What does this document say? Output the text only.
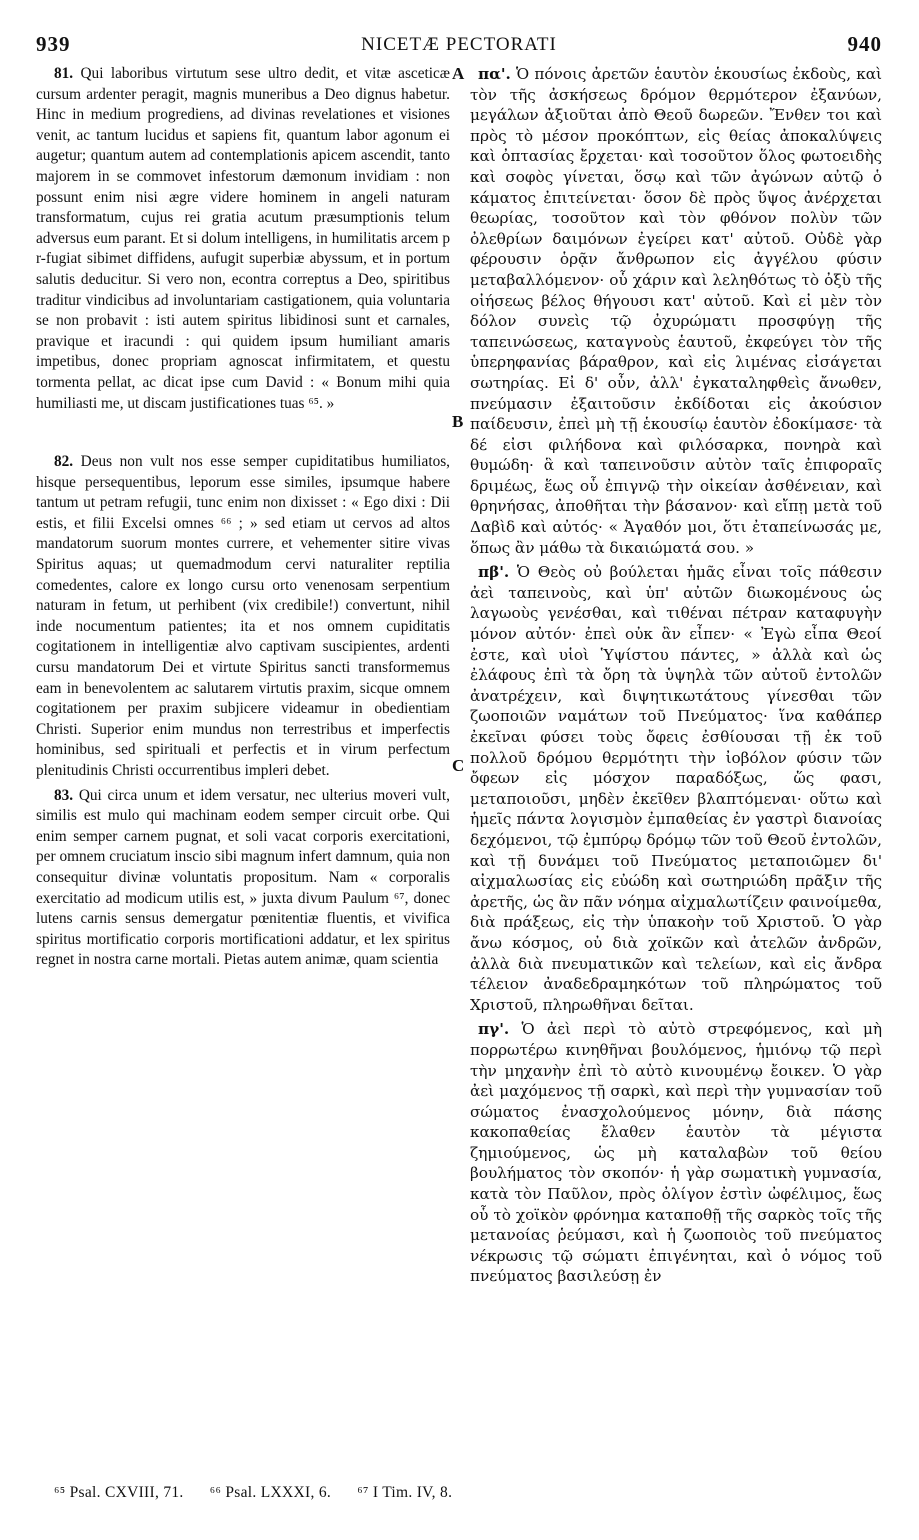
939	NICETÆ PECTORATI	940

81. Qui laboribus virtutum sese ultro dedit, et vitæ asceticæ cursum ardenter peragit, magnis muneribus a Deo dignus habetur. Hinc in medium progrediens, ad divinas revelationes et visiones venit, ac tantum lucidus et sapiens fit, quantum labor agonum ei augetur; quantum autem ad contemplationis apicem ascendit, tanto majorem in se commovet infestorum dæmonum invidiam : non possunt enim nisi ægre videre hominem in angeli naturam transformatum, cujus rei gratia acutum præsumptionis telum adversus eum parant. Et si dolum intelligens, in humilitatis arcem p r-fugiat sibimet diffidens, aufugit superbiæ abyssum, et in portum salutis deducitur. Si vero non, econtra correptus a Deo, spiritibus traditur vindicibus ad involuntariam castigationem, quia voluntaria se non probavit : isti autem spiritus libidinosi sunt et carnales, pravique et iracundi : qui quidem ipsum humiliant amaris impetibus, donec propriam agnoscat infirmitatem, et questu tormenta pellat, ac dicat ipse cum David : « Bonum mihi quia humiliasti me, ut discam justificationes tuas ⁶⁵. »

82. Deus non vult nos esse semper cupiditatibus humiliatos, hisque persequentibus, leporum esse similes, ipsumque habere tantum ut petram refugii, tunc enim non dixisset : « Ego dixi : Dii estis, et filii Excelsi omnes ⁶⁶ ; » sed etiam ut cervos ad altos mandatorum suorum montes currere, et vehementer sitire vivas Spiritus aquas; ut quemadmodum cervi naturaliter reptilia comedentes, calore ex longo cursu orto venenosam serpentium naturam in fetum, ut perhibent (vix credibile!) convertunt, nihil inde nocumentum patientes; ita et nos omnem cupiditatis cogitationem in intelligentiæ alvo captivam suscipientes, ardenti cursu mandatorum Dei et virtute Spiritus sancti transformemus eam in benevolentem ac salutarem virtutis praxim, sicque omnem cogitationem per praxim subjicere videamur in obedientiam Christi. Superior enim mundus non terrestribus et imperfectis hominibus, sed spirituali et perfectis et in virum perfectum plenitudinis Christi occurrentibus impleri debet.

83. Qui circa unum et idem versatur, nec ulterius moveri vult, similis est mulo qui machinam eodem semper circuit orbe. Qui enim semper carnem pugnat, et soli vacat corporis exercitationi, per omnem cruciatum inscio sibi magnum infert damnum, quia non consequitur divinæ voluntatis propositum. Nam « corporalis exercitatio ad modicum utilis est, » juxta divum Paulum ⁶⁷, donec lutens carnis sensus demergatur pœnitentiæ fluentis, et vivifica spiritus mortificatio corporis mortificationi addatur, et lex spiritus regnet in nostra carne mortali. Pietas autem animæ, quam scientia

A
B
C

πα'. Ὁ πόνοις ἀρετῶν ἑαυτὸν ἑκουσίως ἐκδοὺς, καὶ τὸν τῆς ἀσκήσεως δρόμον θερμότερον ἐξανύων, μεγάλων ἀξιοῦται ἀπὸ Θεοῦ δωρεῶν. Ἔνθεν τοι καὶ πρὸς τὸ μέσον προκόπτων, εἰς θείας ἀποκαλύψεις καὶ ὀπτασίας ἔρχεται· καὶ τοσοῦτον ὅλος φωτοειδὴς καὶ σοφὸς γίνεται, ὅσῳ καὶ τῶν ἀγώνων αὐτῷ ὁ κάματος ἐπιτείνεται· ὅσον δὲ πρὸς ὕψος ἀνέρχεται θεωρίας, τοσοῦτον καὶ τὸν φθόνον πολὺν τῶν ὀλεθρίων δαιμόνων ἐγείρει κατ' αὐτοῦ. Οὐδὲ γὰρ φέρουσιν ὁρᾷν ἄνθρωπον εἰς ἀγγέλου φύσιν μεταβαλλόμενον· οὗ χάριν καὶ λεληθότως τὸ ὀξὺ τῆς οἰήσεως βέλος θήγουσι κατ' αὐτοῦ. Καὶ εἰ μὲν τὸν δόλον συνεὶς τῷ ὀχυρώματι προσφύγῃ τῆς ταπεινώσεως, καταγνοὺς ἑαυτοῦ, ἐκφεύγει τὸν τῆς ὑπερηφανίας βάραθρον, καὶ εἰς λιμένας εἰσάγεται σωτηρίας. Εἰ δ' οὖν, ἀλλ' ἐγκαταληφθεὶς ἄνωθεν, πνεύμασιν ἐξαιτοῦσιν ἐκδίδοται εἰς ἀκούσιον παίδευσιν, ἐπεὶ μὴ τῇ ἑκουσίῳ ἑαυτὸν ἐδοκίμασε· τὰ δέ εἰσι φιλήδονα καὶ φιλόσαρκα, πονηρὰ καὶ θυμώδη· ἃ καὶ ταπεινοῦσιν αὐτὸν ταῖς ἐπιφοραῖς δριμέως, ἕως οὗ ἐπιγνῷ τὴν οἰκείαν ἀσθένειαν, καὶ θρηνήσας, ἀποθῆται τὴν βάσανον· καὶ εἴπῃ μετὰ τοῦ Δαβὶδ καὶ αὐτός· « Ἀγαθόν μοι, ὅτι ἐταπείνωσάς με, ὅπως ἂν μάθω τὰ δικαιώματά σου. »

πβ'. Ὁ Θεὸς οὐ βούλεται ἡμᾶς εἶναι τοῖς πάθεσιν ἀεὶ ταπεινοὺς, καὶ ὑπ' αὐτῶν διωκομένους ὡς λαγωοὺς γενέσθαι, καὶ τιθέναι πέτραν καταφυγὴν μόνον αὐτόν· ἐπεὶ οὐκ ἂν εἶπεν· « Ἐγὼ εἶπα Θεοί ἐστε, καὶ υἱοὶ Ὑψίστου πάντες, » ἀλλὰ καὶ ὡς ἐλάφους ἐπὶ τὰ ὄρη τὰ ὑψηλὰ τῶν αὐτοῦ ἐντολῶν ἀνατρέχειν, καὶ διψητικωτάτους γίνεσθαι τῶν ζωοποιῶν ναμάτων τοῦ Πνεύματος· ἵνα καθάπερ ἐκεῖναι φύσει τοὺς ὄφεις ἐσθίουσαι τῇ ἐκ τοῦ πολλοῦ δρόμου θερμότητι τὴν ἰοβόλον φύσιν τῶν ὄφεων εἰς μόσχον παραδόξως, ὥς φασι, μεταποιοῦσι, μηδὲν ἐκεῖθεν βλαπτόμεναι· οὕτω καὶ ἡμεῖς πάντα λογισμὸν ἐμπαθείας ἐν γαστρὶ διανοίας δεχόμενοι, τῷ ἐμπύρῳ δρόμῳ τῶν τοῦ Θεοῦ ἐντολῶν, καὶ τῇ δυνάμει τοῦ Πνεύματος μεταποιῶμεν δι' αἰχμαλωσίας εἰς εὐώδη καὶ σωτηριώδη πρᾶξιν τῆς ἀρετῆς, ὡς ἂν πᾶν νόημα αἰχμαλωτίζειν φαινοίμεθα, διὰ πράξεως, εἰς τὴν ὑπακοὴν τοῦ Χριστοῦ. Ὁ γὰρ ἄνω κόσμος, οὐ διὰ χοϊκῶν καὶ ἀτελῶν ἀνδρῶν, ἀλλὰ διὰ πνευματικῶν καὶ τελείων, καὶ εἰς ἄνδρα τέλειον ἀναδεδραμηκότων τοῦ πληρώματος τοῦ Χριστοῦ, πληρωθῆναι δεῖται.

πγ'. Ὁ ἀεὶ περὶ τὸ αὐτὸ στρεφόμενος, καὶ μὴ πορρωτέρω κινηθῆναι βουλόμενος, ἡμιόνῳ τῷ περὶ τὴν μηχανὴν ἐπὶ τὸ αὐτὸ κινουμένῳ ἔοικεν. Ὁ γὰρ ἀεὶ μαχόμενος τῇ σαρκὶ, καὶ περὶ τὴν γυμνασίαν τοῦ σώματος ἐνασχολούμενος μόνην, διὰ πάσης κακοπαθείας ἔλαθεν ἑαυτὸν τὰ μέγιστα ζημιούμενος, ὡς μὴ καταλαβὼν τοῦ θείου βουλήματος τὸν σκοπόν· ἡ γὰρ σωματικὴ γυμνασία, κατὰ τὸν Παῦλον, πρὸς ὀλίγον ἐστὶν ὠφέλιμος, ἕως οὗ τὸ χοϊκὸν φρόνημα καταποθῇ τῆς σαρκὸς τοῖς τῆς μετανοίας ῥεύμασι, καὶ ἡ ζωοποιὸς τοῦ πνεύματος νέκρωσις τῷ σώματι ἐπιγένηται, καὶ ὁ νόμος τοῦ πνεύματος βασιλεύσῃ ἐν

⁶⁵ Psal. CXVIII, 71. ⁶⁶ Psal. LXXXI, 6. ⁶⁷ I Tim. IV, 8.
